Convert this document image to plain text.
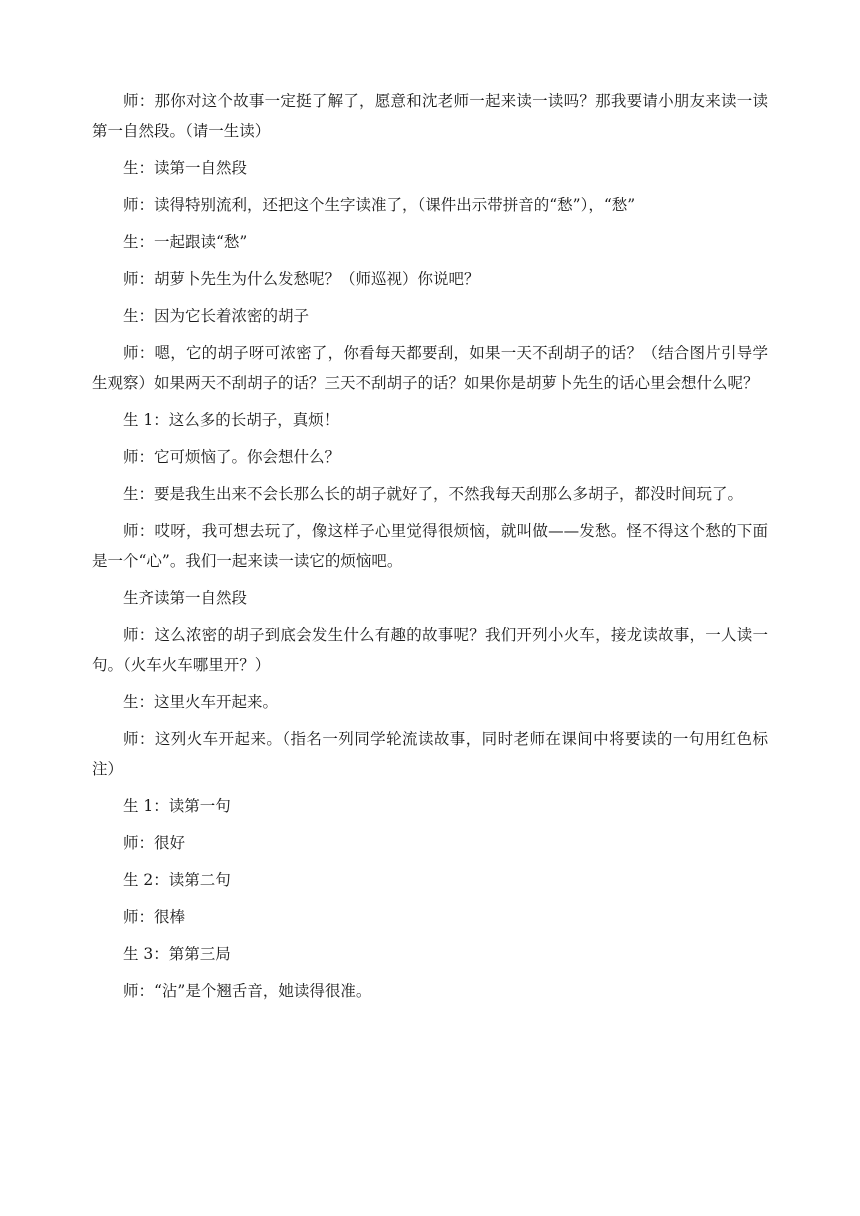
师：那你对这个故事一定挺了解了，愿意和沈老师一起来读一读吗？那我要请小朋友来读一读第一自然段。（请一生读）

生：读第一自然段

师：读得特别流利，还把这个生字读准了，（课件出示带拼音的“愁”），“愁”

生：一起跟读“愁”

师：胡萝卜先生为什么发愁呢？（师巡视）你说吧？

生：因为它长着浓密的胡子

师：嗯，它的胡子呀可浓密了，你看每天都要刮，如果一天不刮胡子的话？（结合图片引导学生观察）如果两天不刮胡子的话？三天不刮胡子的话？如果你是胡萝卜先生的话心里会想什么呢？

生 1：这么多的长胡子，真烦！

师：它可烦恼了。你会想什么？

生：要是我生出来不会长那么长的胡子就好了，不然我每天刮那么多胡子，都没时间玩了。

师：哎呀，我可想去玩了，像这样子心里觉得很烦恼，就叫做——发愁。怪不得这个愁的下面是一个“心”。我们一起来读一读它的烦恼吧。

生齐读第一自然段

师：这么浓密的胡子到底会发生什么有趣的故事呢？我们开列小火车，接龙读故事，一人读一句。（火车火车哪里开？）

生：这里火车开起来。

师：这列火车开起来。（指名一列同学轮流读故事，同时老师在课间中将要读的一句用红色标注）

生 1：读第一句

师：很好

生 2：读第二句

师：很棒

生 3：第第三局

师：“沾”是个翘舌音，她读得很准。
